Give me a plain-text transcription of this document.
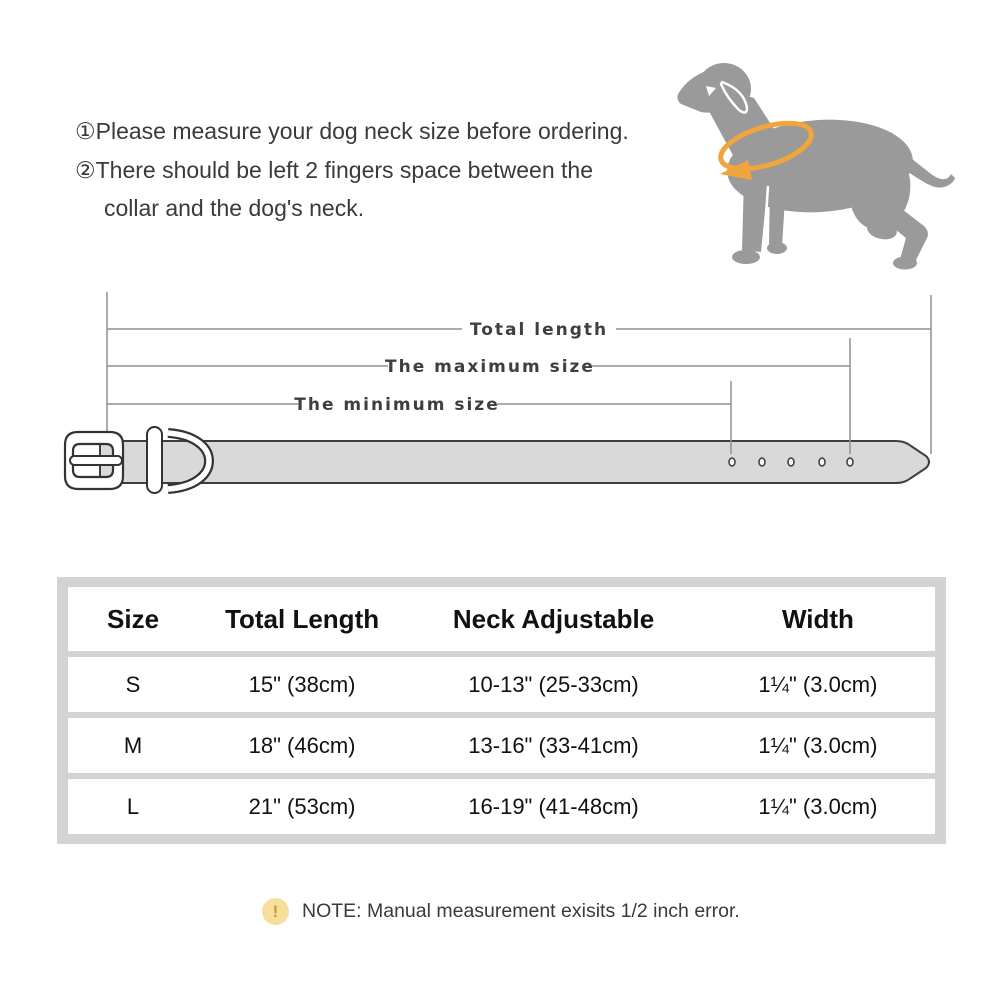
①Please measure your dog neck size before ordering.
②There should be left 2 fingers space between the
collar and the dog's neck.
Total length
The maximum size
The minimum size
Size	Total Length	Neck Adjustable	Width
S	15" (38cm)	10-13" (25-33cm)	1¼" (3.0cm)
M	18" (46cm)	13-16" (33-41cm)	1¼" (3.0cm)
L	21" (53cm)	16-19" (41-48cm)	1¼" (3.0cm)
!	NOTE: Manual measurement exisits 1/2 inch error.
